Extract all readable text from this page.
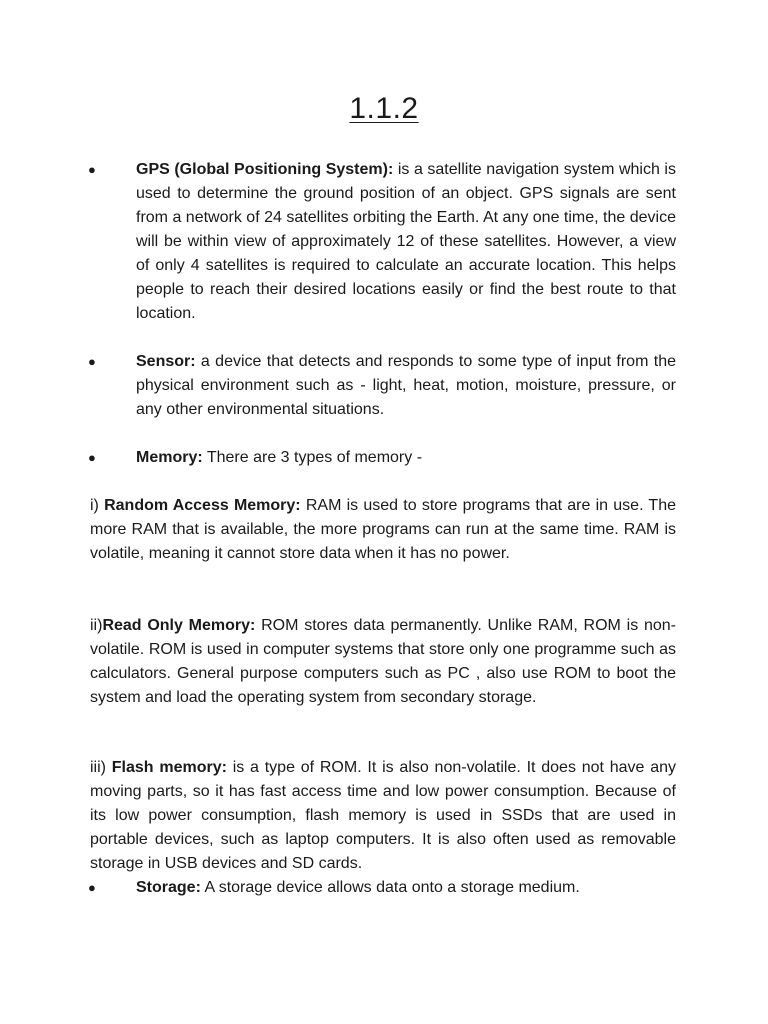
1.1.2
●	GPS (Global Positioning System): is a satellite navigation system which is used to determine the ground position of an object. GPS signals are sent from a network of 24 satellites orbiting the Earth. At any one time, the device will be within view of approximately 12 of these satellites. However, a view of only 4 satellites is required to calculate an accurate location. This helps people to reach their desired locations easily or find the best route to that location.
●	Sensor: a device that detects and responds to some type of input from the physical environment such as - light, heat, motion, moisture, pressure, or any other environmental situations.
●	Memory: There are 3 types of memory -
i) Random Access Memory: RAM is used to store programs that are in use. The more RAM that is available, the more programs can run at the same time. RAM is volatile, meaning it cannot store data when it has no power.
ii)Read Only Memory: ROM stores data permanently. Unlike RAM, ROM is non-volatile. ROM is used in computer systems that store only one programme such as calculators. General purpose computers such as PC , also use ROM to boot the system and load the operating system from secondary storage.
iii) Flash memory: is a type of ROM. It is also non-volatile. It does not have any moving parts, so it has fast access time and low power consumption. Because of its low power consumption, flash memory is used in SSDs that are used in portable devices, such as laptop computers. It is also often used as removable storage in USB devices and SD cards.
●	Storage: A storage device allows data onto a storage medium.
